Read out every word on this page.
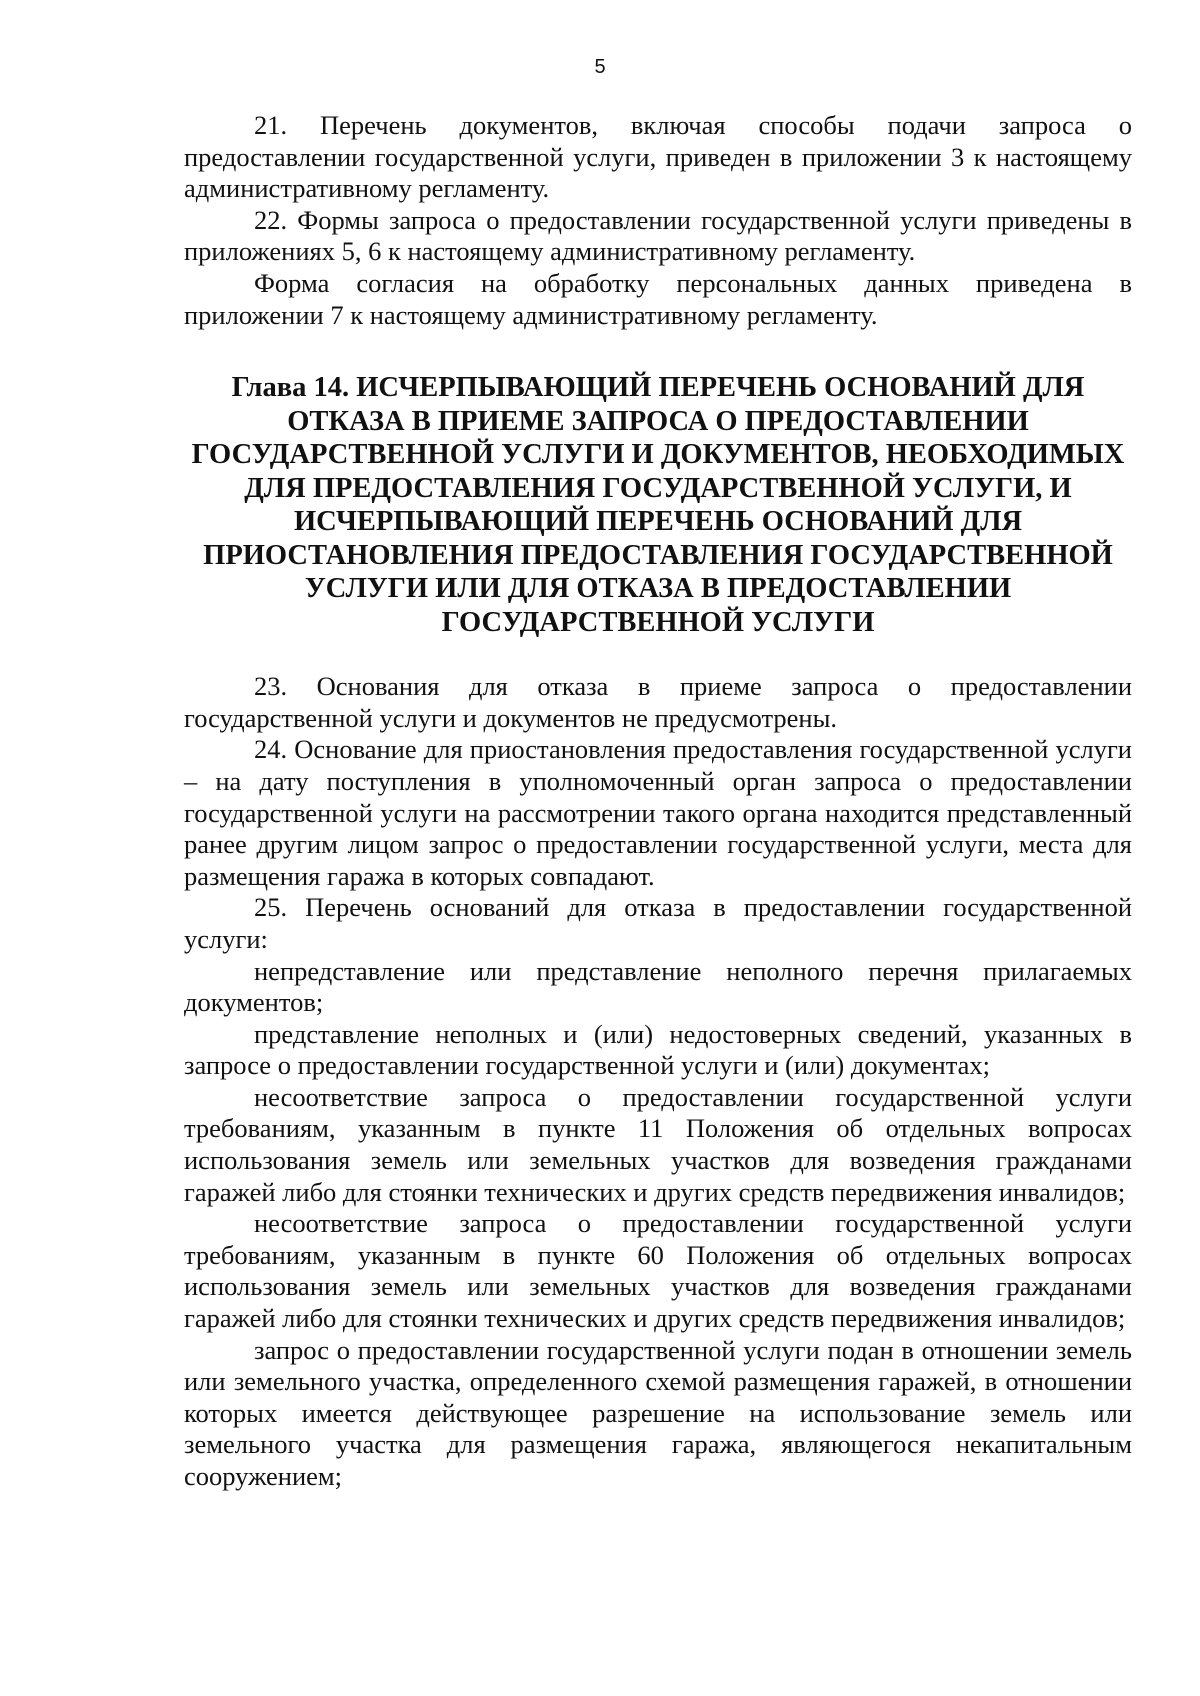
5

21. Перечень документов, включая способы подачи запроса о предоставлении государственной услуги, приведен в приложении 3 к настоящему административному регламенту.

22. Формы запроса о предоставлении государственной услуги приведены в приложениях 5, 6 к настоящему административному регламенту.

Форма согласия на обработку персональных данных приведена в приложении 7 к настоящему административному регламенту.

Глава 14. ИСЧЕРПЫВАЮЩИЙ ПЕРЕЧЕНЬ ОСНОВАНИЙ ДЛЯ ОТКАЗА В ПРИЕМЕ ЗАПРОСА О ПРЕДОСТАВЛЕНИИ ГОСУДАРСТВЕННОЙ УСЛУГИ И ДОКУМЕНТОВ, НЕОБХОДИМЫХ ДЛЯ ПРЕДОСТАВЛЕНИЯ ГОСУДАРСТВЕННОЙ УСЛУГИ, И ИСЧЕРПЫВАЮЩИЙ ПЕРЕЧЕНЬ ОСНОВАНИЙ ДЛЯ ПРИОСТАНОВЛЕНИЯ ПРЕДОСТАВЛЕНИЯ ГОСУДАРСТВЕННОЙ УСЛУГИ ИЛИ ДЛЯ ОТКАЗА В ПРЕДОСТАВЛЕНИИ ГОСУДАРСТВЕННОЙ УСЛУГИ

23. Основания для отказа в приеме запроса о предоставлении государственной услуги и документов не предусмотрены.

24. Основание для приостановления предоставления государственной услуги – на дату поступления в уполномоченный орган запроса о предоставлении государственной услуги на рассмотрении такого органа находится представленный ранее другим лицом запрос о предоставлении государственной услуги, места для размещения гаража в которых совпадают.

25. Перечень оснований для отказа в предоставлении государственной услуги:

непредставление или представление неполного перечня прилагаемых документов;

представление неполных и (или) недостоверных сведений, указанных в запросе о предоставлении государственной услуги и (или) документах;

несоответствие запроса о предоставлении государственной услуги требованиям, указанным в пункте 11 Положения об отдельных вопросах использования земель или земельных участков для возведения гражданами гаражей либо для стоянки технических и других средств передвижения инвалидов;

несоответствие запроса о предоставлении государственной услуги требованиям, указанным в пункте 60 Положения об отдельных вопросах использования земель или земельных участков для возведения гражданами гаражей либо для стоянки технических и других средств передвижения инвалидов;

запрос о предоставлении государственной услуги подан в отношении земель или земельного участка, определенного схемой размещения гаражей, в отношении которых имеется действующее разрешение на использование земель или земельного участка для размещения гаража, являющегося некапитальным сооружением;
